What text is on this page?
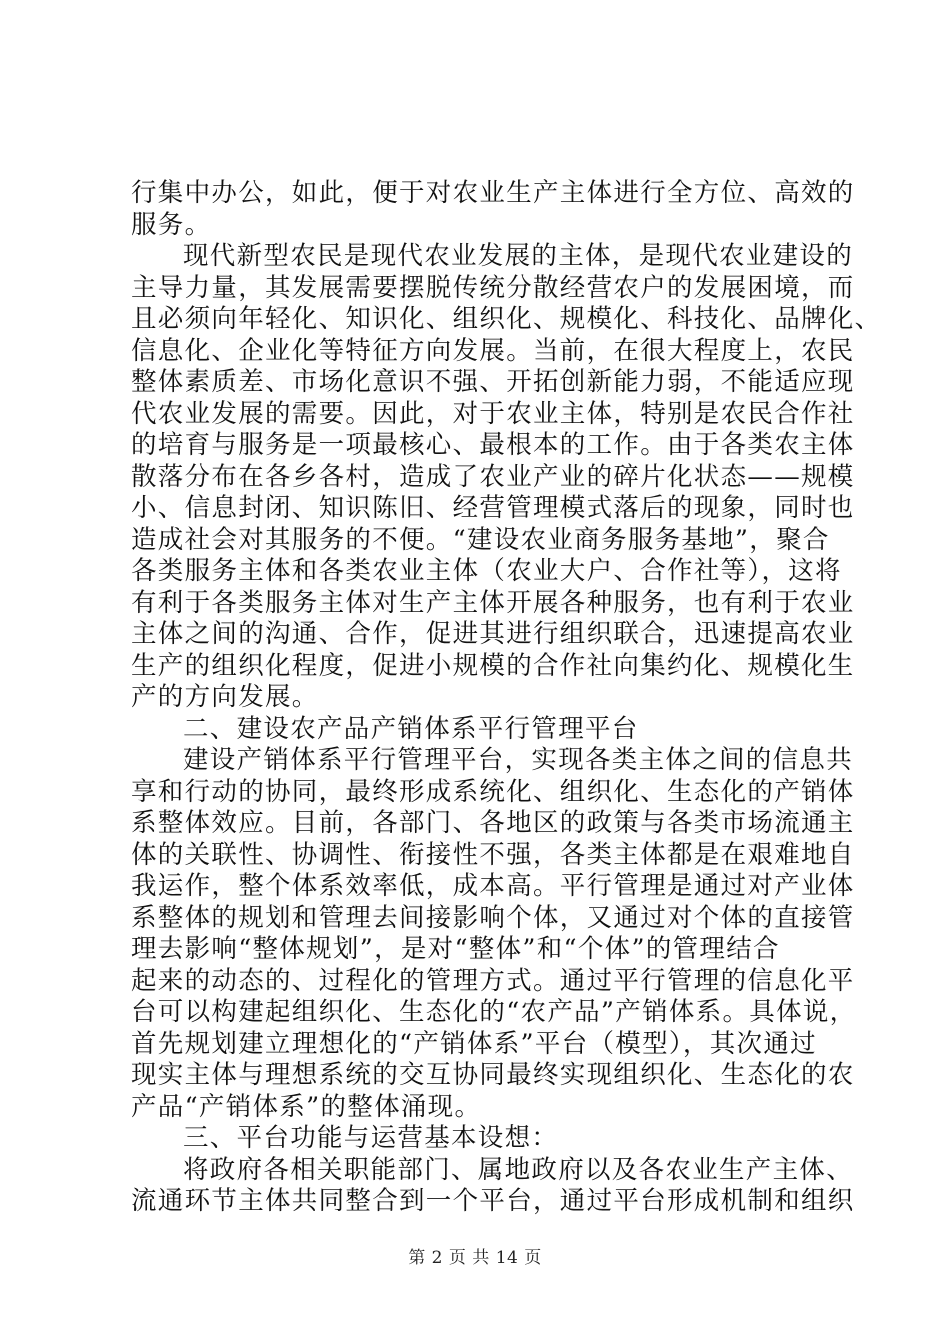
行集中办公，如此，便于对农业生产主体进行全方位、高效的
服务。
现代新型农民是现代农业发展的主体，是现代农业建设的
主导力量，其发展需要摆脱传统分散经营农户的发展困境，而
且必须向年轻化、知识化、组织化、规模化、科技化、品牌化、
信息化、企业化等特征方向发展。当前，在很大程度上，农民
整体素质差、市场化意识不强、开拓创新能力弱，不能适应现
代农业发展的需要。因此，对于农业主体，特别是农民合作社
的培育与服务是一项最核心、最根本的工作。由于各类农主体
散落分布在各乡各村，造成了农业产业的碎片化状态——规模
小、信息封闭、知识陈旧、经营管理模式落后的现象，同时也
造成社会对其服务的不便。“建设农业商务服务基地”，聚合
各类服务主体和各类农业主体（农业大户、合作社等），这将
有利于各类服务主体对生产主体开展各种服务，也有利于农业
主体之间的沟通、合作，促进其进行组织联合，迅速提高农业
生产的组织化程度，促进小规模的合作社向集约化、规模化生
产的方向发展。
二、建设农产品产销体系平行管理平台
建设产销体系平行管理平台，实现各类主体之间的信息共
享和行动的协同，最终形成系统化、组织化、生态化的产销体
系整体效应。目前，各部门、各地区的政策与各类市场流通主
体的关联性、协调性、衔接性不强，各类主体都是在艰难地自
我运作，整个体系效率低，成本高。平行管理是通过对产业体
系整体的规划和管理去间接影响个体，又通过对个体的直接管
理去影响“整体规划”，是对“整体”和“个体”的管理结合
起来的动态的、过程化的管理方式。通过平行管理的信息化平
台可以构建起组织化、生态化的“农产品”产销体系。具体说，
首先规划建立理想化的“产销体系”平台（模型），其次通过
现实主体与理想系统的交互协同最终实现组织化、生态化的农
产品“产销体系”的整体涌现。
三、平台功能与运营基本设想：
将政府各相关职能部门、属地政府以及各农业生产主体、
流通环节主体共同整合到一个平台，通过平台形成机制和组织
第 2 页 共 14 页
